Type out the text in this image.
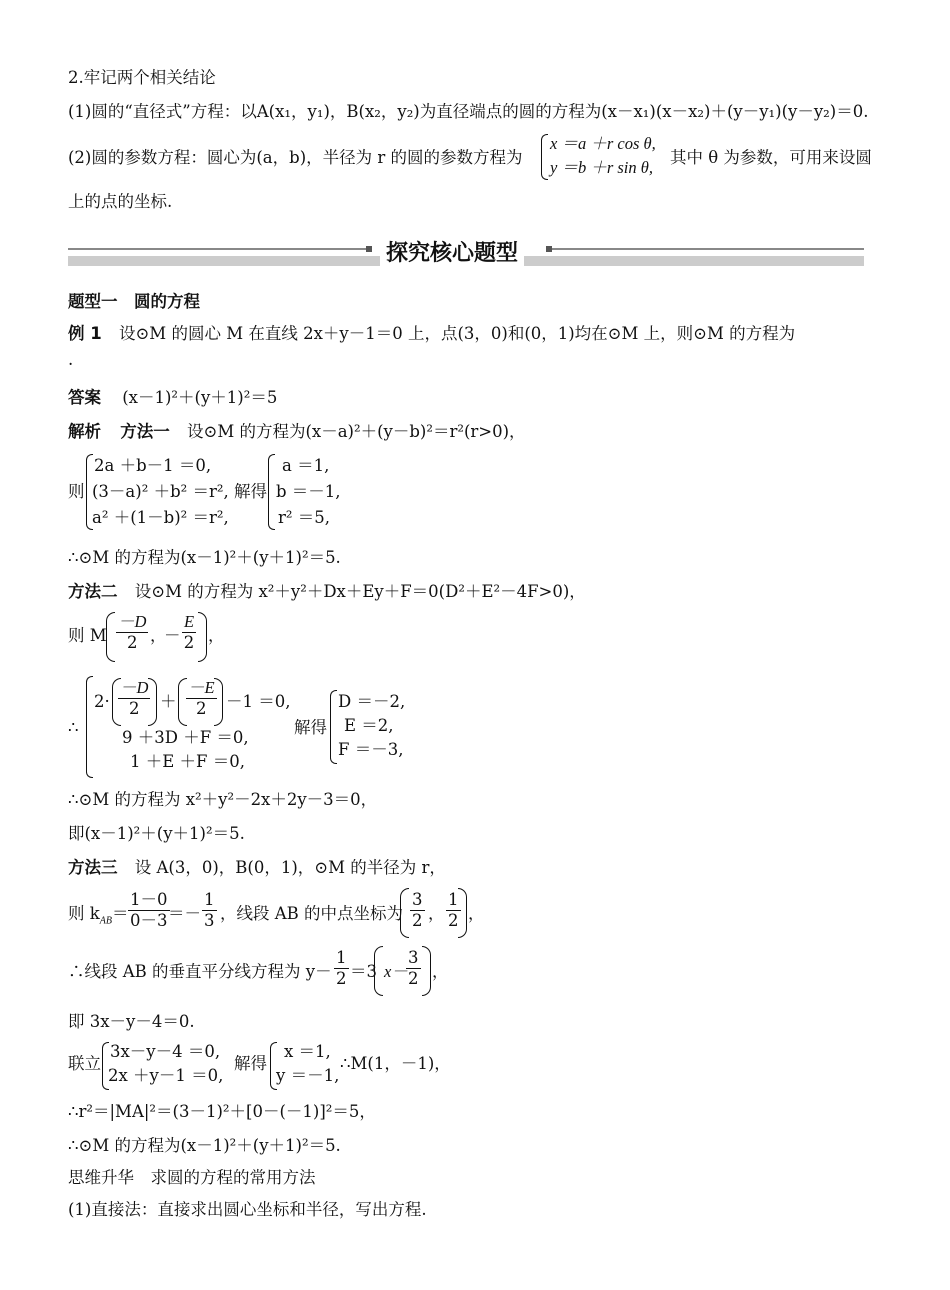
2.牢记两个相关结论
(1)圆的“直径式”方程：以A(x₁，y₁)，B(x₂，y₂)为直径端点的圆的方程为(x－x₁)(x－x₂)＋(y－y₁)(y－y₂)＝0.
(2)圆的参数方程：圆心为(a，b)，半径为 r 的圆的参数方程为
x ＝a ＋r cos θ,
y ＝b ＋r sin θ,
其中 θ 为参数，可用来设圆
上的点的坐标.
探究核心题型
题型一　圆的方程
例 1 设⊙M 的圆心 M 在直线 2x＋y－1＝0 上，点(3，0)和(0，1)均在⊙M 上，则⊙M 的方程为
.
答案 (x－1)²＋(y＋1)²＝5
解析 方法一 设⊙M 的方程为(x－a)²＋(y－b)²＝r²(r>0)，
则
2a ＋b－1 ＝0,
(3－a)² ＋b² ＝r²,
a² ＋(1－b)² ＝r²,
解得
a ＝1,
b ＝－1,
r² ＝5,
∴⊙M 的方程为(x－1)²＋(y＋1)²＝5.
方法二 设⊙M 的方程为 x²＋y²＋Dx＋Ey＋F＝0(D²＋E²－4F>0)，
则 M $\frac{-D}{2}$ ，
－ $\frac{E}{2}$ ，
∴
$2\cdot \frac{-D}{2} + \frac{-E}{2} -1 =0$,
9 ＋3D ＋F ＝0,
1 ＋E ＋F ＝0,
解得
D ＝－2,
E ＝2,
F ＝－3,
∴⊙M 的方程为 x²＋y²－2x＋2y－3＝0，
即(x－1)²＋(y＋1)²＝5.
方法三 设 A(3，0)，B(0，1)，⊙M 的半径为 r，
则 $k_{AB}= \frac{1-0}{0-3}$
＝－ $\frac{1}{3}$ ，线段 AB 的中点坐标为 $\frac{3}{2}$ ， $\frac{1}{2}$ ，
∴线段 AB 的垂直平分线方程为 $y- \frac{1}{2} =3$ x－
$\frac{3}{2}$ ，
即 3x－y－4＝0.
联立
3x－y－4 ＝0,
2x ＋y－1 ＝0,
解得
x ＝1,
y ＝－1,
∴M(1，－1)，
∴r²＝|MA|²＝(3－1)²＋[0－(－1)]²＝5，
∴⊙M 的方程为(x－1)²＋(y＋1)²＝5.
思维升华　求圆的方程的常用方法
(1)直接法：直接求出圆心坐标和半径，写出方程.
